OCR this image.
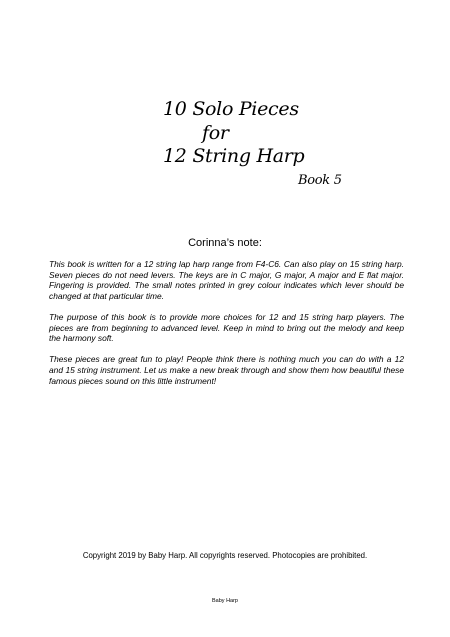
10 Solo Pieces
for
12 String Harp
Book 5
Corinna’s note:

This book is written for a 12 string lap harp range from F4-C6. Can also play on 15 string harp. Seven pieces do not need levers. The keys are in C major, G major, A major and E flat major. Fingering is provided. The small notes printed in grey colour indicates which lever should be changed at that particular time.

The purpose of this book is to provide more choices for 12 and 15 string harp players. The pieces are from beginning to advanced level. Keep in mind to bring out the melody and keep the harmony soft.

These pieces are great fun to play! People think there is nothing much you can do with a 12 and 15 string instrument. Let us make a new break through and show them how beautiful these famous pieces sound on this little instrument!

Copyright 2019 by Baby Harp. All copyrights reserved. Photocopies are prohibited.
Baby Harp
